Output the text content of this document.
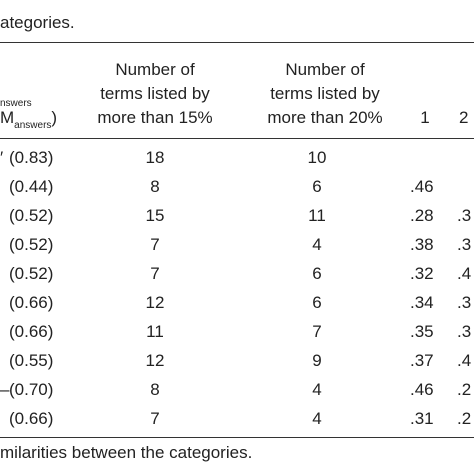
ategories.
nswers
$M_{answers}$)
Number of
terms listed by
more than 15%
Number of
terms listed by
more than 20% 1 2
′ (0.83)	18	10
(0.44)	8	6	.46
(0.52)	15	11	.28 .3
(0.52)	7	4	.38 .3
(0.52)	7	6	.32 .4
(0.66)	12	6	.34 .3
(0.66)	11	7	.35 .3
(0.55)	12	9	.37 .4
– (0.70)	8	4	.46 .2
(0.66)	7	4	.31 .2
milarities between the categories.
